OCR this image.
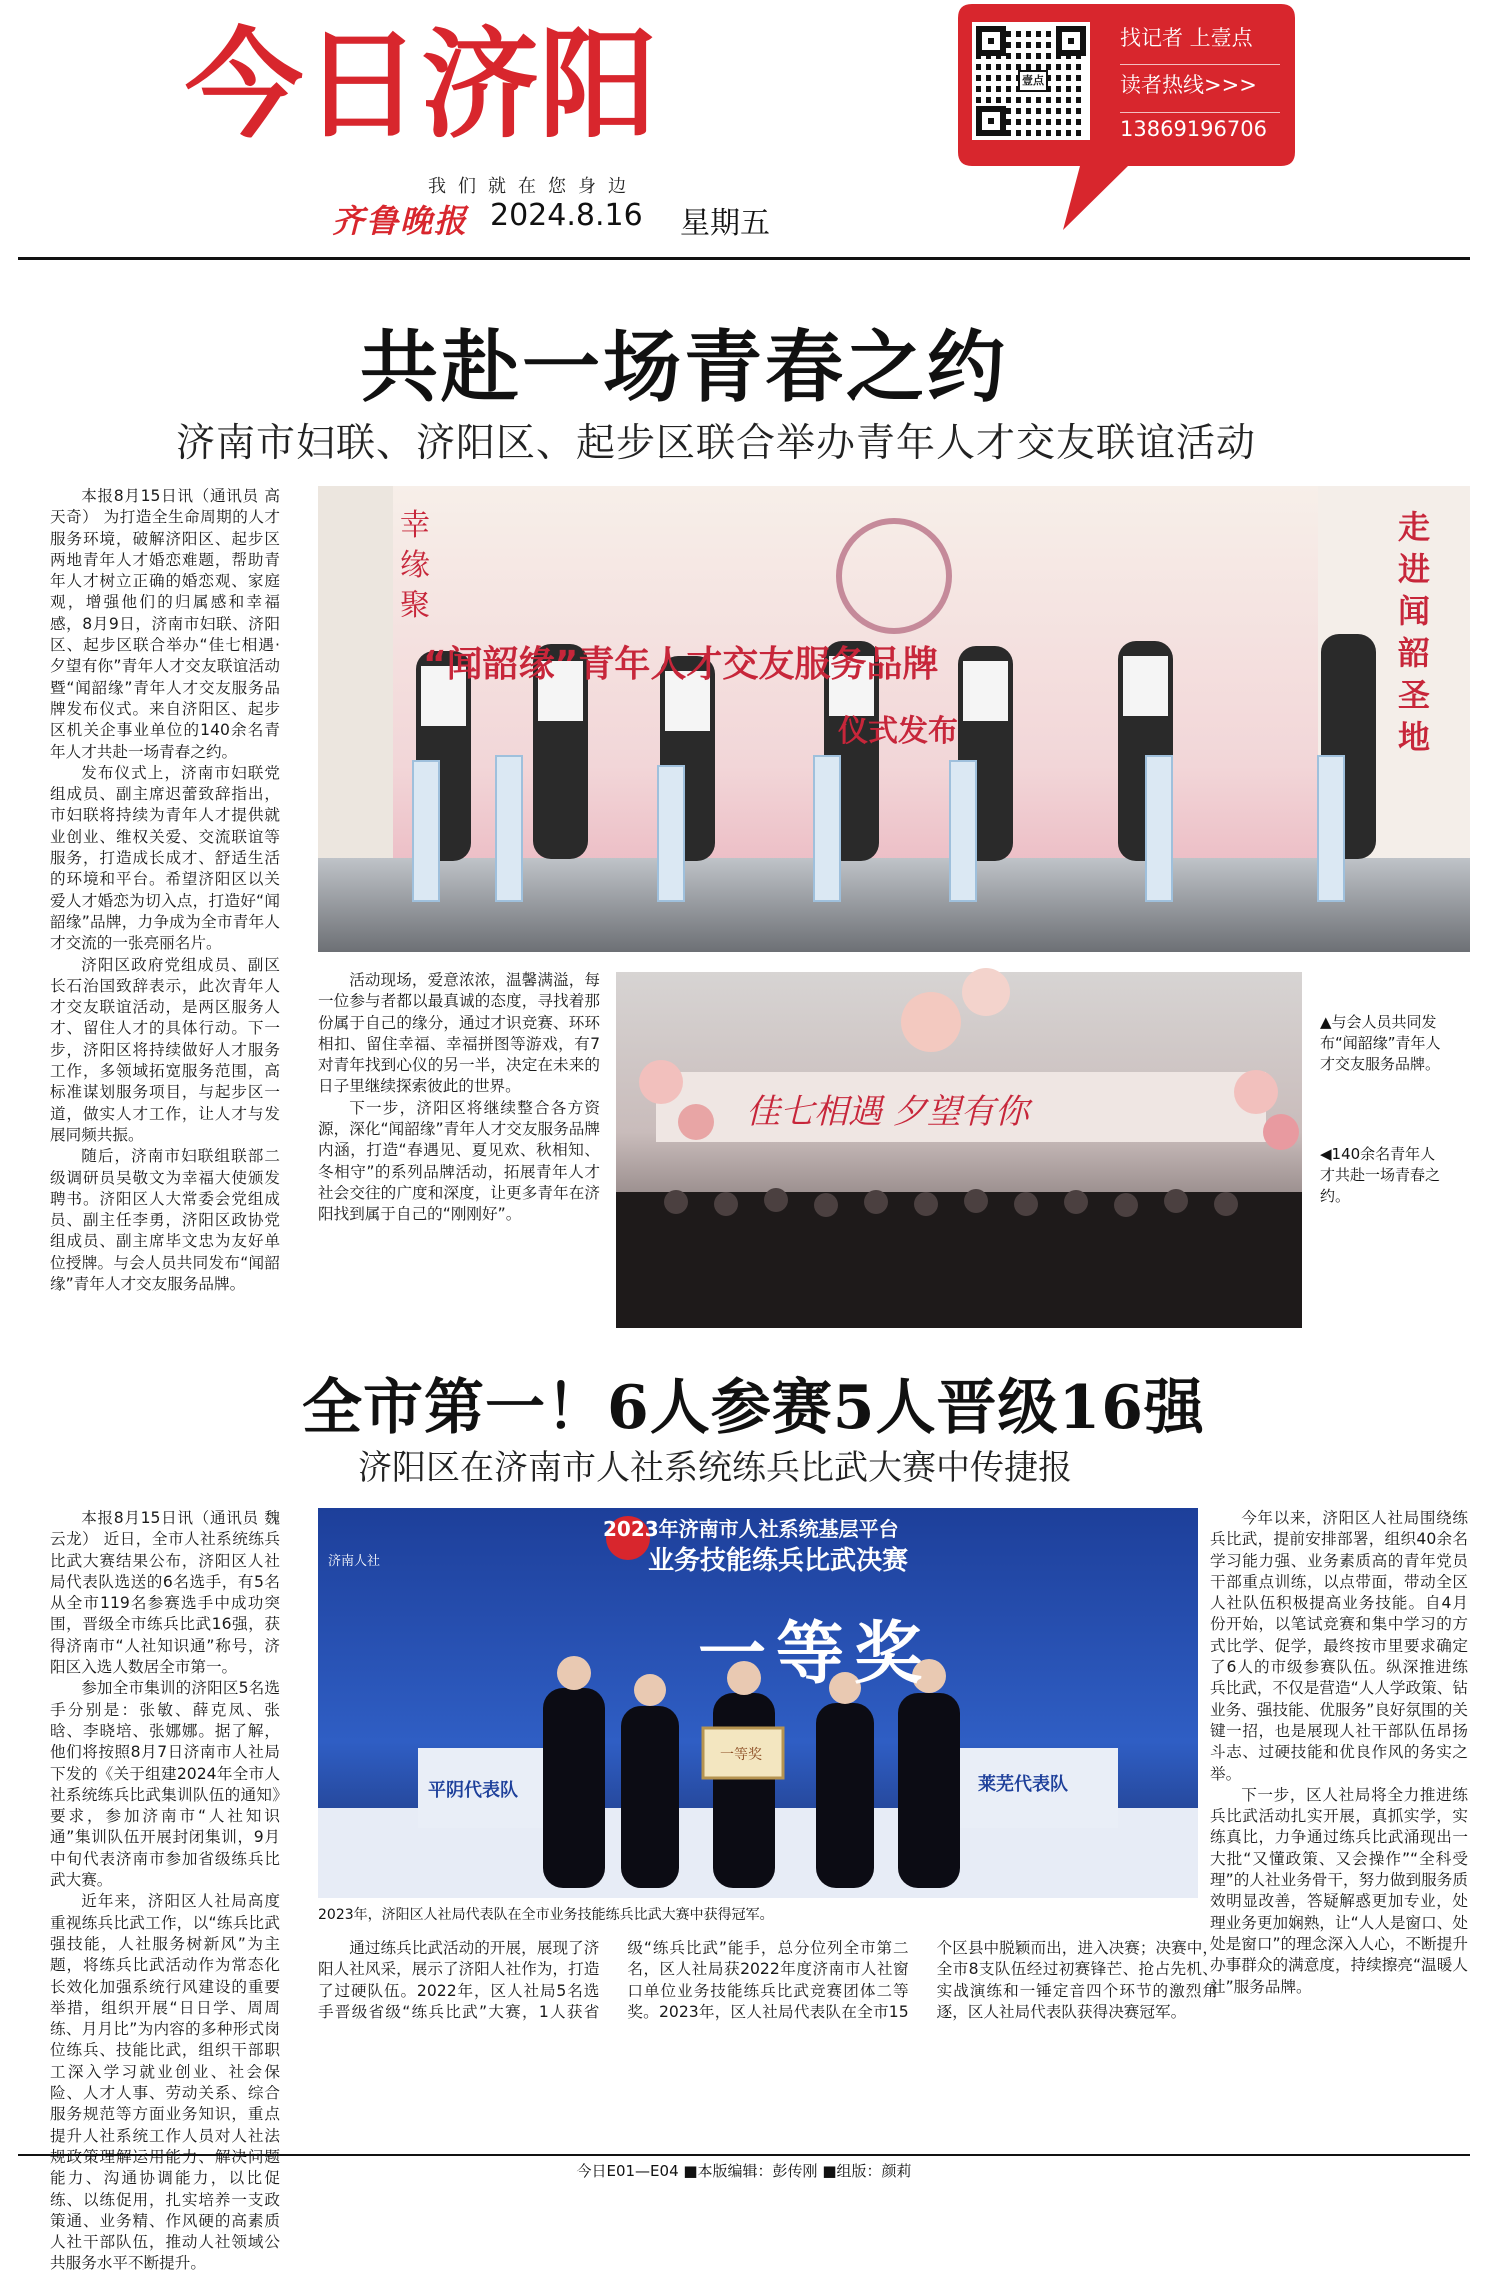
今日济阳
我们就在您身边
齐鲁晚报 2024.8.16 星期五
壹点
找记者 上壹点
读者热线>>>
13869196706
共赴一场青春之约
济南市妇联、济阳区、起步区联合举办青年人才交友联谊活动

本报8月15日讯（通讯员 高天奇） 为打造全生命周期的人才服务环境，破解济阳区、起步区两地青年人才婚恋难题，帮助青年人才树立正确的婚恋观、家庭观，增强他们的归属感和幸福感，8月9日，济南市妇联、济阳区、起步区联合举办“佳七相遇·夕望有你”青年人才交友联谊活动暨“闻韶缘”青年人才交友服务品牌发布仪式。来自济阳区、起步区机关企事业单位的140余名青年人才共赴一场青春之约。

发布仪式上，济南市妇联党组成员、副主席迟蕾致辞指出，市妇联将持续为青年人才提供就业创业、维权关爱、交流联谊等服务，打造成长成才、舒适生活的环境和平台。希望济阳区以关爱人才婚恋为切入点，打造好“闻韶缘”品牌，力争成为全市青年人才交流的一张亮丽名片。

济阳区政府党组成员、副区长石治国致辞表示，此次青年人才交友联谊活动，是两区服务人才、留住人才的具体行动。下一步，济阳区将持续做好人才服务工作，多领域拓宽服务范围，高标准谋划服务项目，与起步区一道，做实人才工作，让人才与发展同频共振。

随后，济南市妇联组联部二级调研员吴敬文为幸福大使颁发聘书。济阳区人大常委会党组成员、副主任李勇，济阳区政协党组成员、副主席毕文忠为友好单位授牌。与会人员共同发布“闻韶缘”青年人才交友服务品牌。

“闻韶缘”青年人才交友服务品牌
仪式发布
幸缘聚
走进闻韶圣地

活动现场，爱意浓浓，温馨满溢，每一位参与者都以最真诚的态度，寻找着那份属于自己的缘分，通过才识竞赛、环环相扣、留住幸福、幸福拼图等游戏，有7对青年找到心仪的另一半，决定在未来的日子里继续探索彼此的世界。

下一步，济阳区将继续整合各方资源，深化“闻韶缘”青年人才交友服务品牌内涵，打造“春遇见、夏见欢、秋相知、冬相守”的系列品牌活动，拓展青年人才社会交往的广度和深度，让更多青年在济阳找到属于自己的“刚刚好”。

佳七相遇 夕望有你
▲与会人员共同发布“闻韶缘”青年人才交友服务品牌。
◀140余名青年人才共赴一场青春之约。
全市第一！6人参赛5人晋级16强
济阳区在济南市人社系统练兵比武大赛中传捷报

本报8月15日讯（通讯员 魏云龙） 近日，全市人社系统练兵比武大赛结果公布，济阳区人社局代表队选送的6名选手，有5名从全市119名参赛选手中成功突围，晋级全市练兵比武16强，获得济南市“人社知识通”称号，济阳区入选人数居全市第一。

参加全市集训的济阳区5名选手分别是：张敏、薛克凤、张晗、李晓培、张娜娜。据了解，他们将按照8月7日济南市人社局下发的《关于组建2024年全市人社系统练兵比武集训队伍的通知》要求，参加济南市“人社知识通”集训队伍开展封闭集训，9月中旬代表济南市参加省级练兵比武大赛。

近年来，济阳区人社局高度重视练兵比武工作，以“练兵比武强技能，人社服务树新风”为主题，将练兵比武活动作为常态化长效化加强系统行风建设的重要举措，组织开展“日日学、周周练、月月比”为内容的多种形式岗位练兵、技能比武，组织干部职工深入学习就业创业、社会保险、人才人事、劳动关系、综合服务规范等方面业务知识，重点提升人社系统工作人员对人社法规政策理解运用能力、解决问题能力、沟通协调能力，以比促练、以练促用，扎实培养一支政策通、业务精、作风硬的高素质人社干部队伍，推动人社领域公共服务水平不断提升。

2023年济南市人社系统基层平台
业务技能练兵比武决赛
济南人社
一等奖
平阴代表队	莱芜代表队
一等奖
2023年，济阳区人社局代表队在全市业务技能练兵比武大赛中获得冠军。

通过练兵比武活动的开展，展现了济阳人社风采，展示了济阳人社作为，打造了过硬队伍。2022年，区人社局5名选手晋级省级“练兵比武”大赛，1人获省级“练兵比武”能手，总分位列全市第二名，区人社局获2022年度济南市人社窗口单位业务技能练兵比武竞赛团体二等奖。2023年，区人社局代表队在全市15个区县中脱颖而出，进入决赛；决赛中，全市8支队伍经过初赛锋芒、抢占先机、实战演练和一锤定音四个环节的激烈角逐，区人社局代表队获得决赛冠军。

今年以来，济阳区人社局围绕练兵比武，提前安排部署，组织40余名学习能力强、业务素质高的青年党员干部重点训练，以点带面，带动全区人社队伍积极提高业务技能。自4月份开始，以笔试竞赛和集中学习的方式比学、促学，最终按市里要求确定了6人的市级参赛队伍。纵深推进练兵比武，不仅是营造“人人学政策、钻业务、强技能、优服务”良好氛围的关键一招，也是展现人社干部队伍昂扬斗志、过硬技能和优良作风的务实之举。

下一步，区人社局将全力推进练兵比武活动扎实开展，真抓实学，实练真比，力争通过练兵比武涌现出一大批“又懂政策、又会操作”“全科受理”的人社业务骨干，努力做到服务质效明显改善，答疑解惑更加专业，处理业务更加娴熟，让“人人是窗口、处处是窗口”的理念深入人心，不断提升办事群众的满意度，持续擦亮“温暖人社”服务品牌。

今日E01—E04 ■本版编辑：彭传刚 ■组版：颜莉
